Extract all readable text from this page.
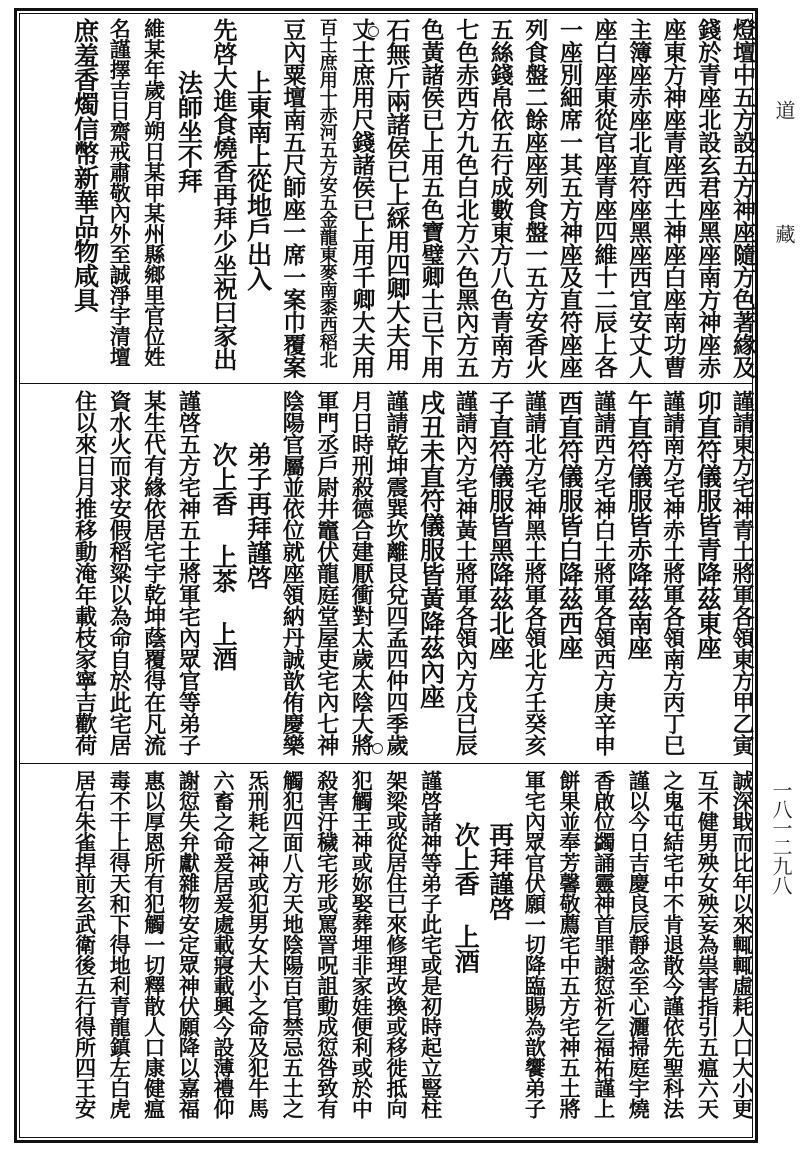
燈壇中五方設五方神座隨方色著緣及
錢於青座北設玄君座黑座南方神座赤
座東方神座青座西土神座白座南功曹
主簿座赤座北直符座黑座西宜安丈人
座白座東從官座青座四維十二辰上各
一座別細席一其五方神座及直符座座
列食盤二餘座座列食盤一五方安香火
五絲錢帛依五行成數東方八色青南方
七色赤西方九色白北方六色黑內方五
色黃諸侯已上用五色寶璧卿士已下用
石無斤兩諸侯已上綵用四卿大夫用
丈士庶用尺錢諸侯已上用千卿大夫用
百士庶用十赤河五方安五金龍東麥南黍西稻北
豆內粟壇南五尺師座一席一案巾覆案
上東南上從地戶出入
先啓大進食燒香再拜少坐祝曰家出
法師坐不拜
維某年歲月朔日某甲某州縣鄉里官位姓
名謹擇吉日齋戒肅敬內外至誠淨宇清壇
庶羞香燭信幣新華品物咸具
謹請東方宅神青土將軍各領東方甲乙寅
卯直符儀服皆青降茲東座
謹請南方宅神赤土將軍各領南方丙丁巳
午直符儀服皆赤降茲南座
謹請西方宅神白土將軍各領西方庚辛申
酉直符儀服皆白降茲西座
謹請北方宅神黑土將軍各領北方壬癸亥
子直符儀服皆黑降茲北座
謹請內方宅神黃土將軍各領內方戊已辰
戌丑未直符儀服皆黃降茲內座
謹請乾坤震巽坎離艮兌四孟四仲四季歲
月日時刑殺德合建厭衝對太歲太陰大將
軍門丞戶尉井竈伏龍庭堂屋吏宅內七神
陰陽官屬並依位就座領納丹誠歆侑慶樂
弟子再拜謹啓
次上香 上茶 上酒
謹啓五方宅神五土將軍宅內眾官等弟子
某生代有緣依居宅宇乾坤蔭覆得在凡流
資水火而求安假稻粱以為命自於此宅居
住以來日月推移動淹年載枝家寧吉歡荷
誠深戢而比年以來輒輒虛耗人口大小更
互不健男殃女殃妄為祟害指引五瘟六天
之鬼屯結宅中不肯退散今謹依先聖科法
謹以今日吉慶良辰靜念至心灑掃庭宇燒
香啟位蠲誦靈神首罪謝愆祈乞福祐謹上
餅果並奉芳馨敬薦宅中五方宅神五土將
軍宅內眾官伏願一切降臨賜為歆饗弟子
再拜謹啓
次上香 上酒
謹啓諸神等弟子此宅或是初時起立豎柱
架梁或從居住已來修理改換或移徙抵向
犯觸王神或妳娶葬埋非家娃便利或於中
殺害汙穢宅形或罵詈呪詛動成愆咎致有
觸犯四面八方天地陰陽百官禁忌五土之
炁刑耗之神或犯男女大小之命及犯牛馬
六畜之命爰居爰處載寢載興今設薄禮仰
謝愆失弁獻雜物安定眾神伏願降以嘉福
惠以厚恩所有犯觸一切釋散人口康健瘟
毒不干上得天和下得地利青龍鎮左白虎
居右朱雀捍前玄武衛後五行得所四王安
道 藏
一八一二九八
